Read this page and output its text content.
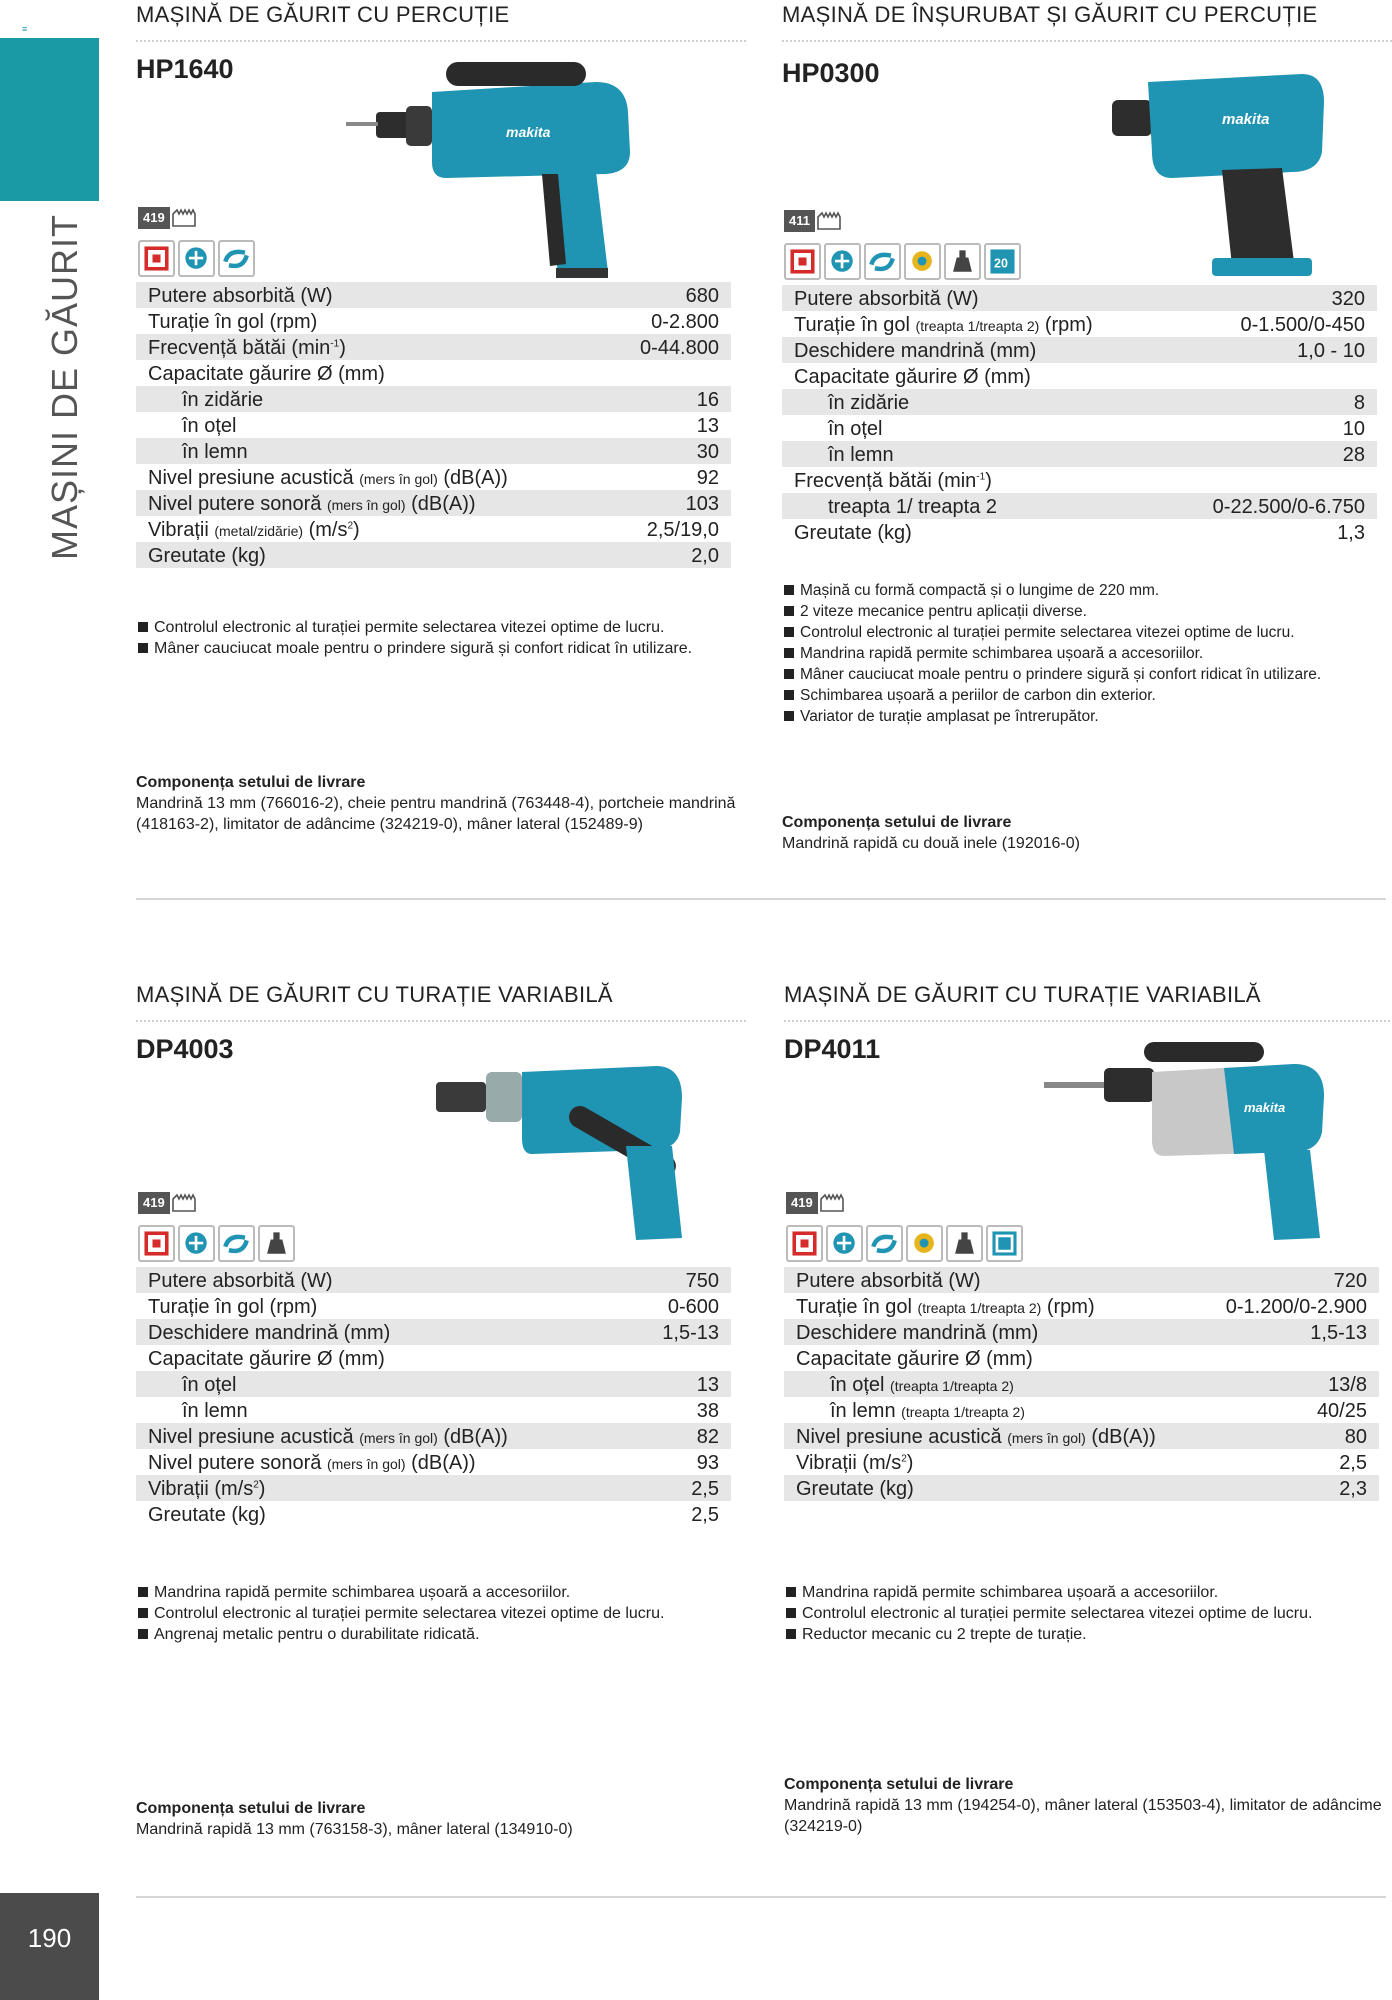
≡
MAȘINI DE GĂURIT
190
MAȘINĂ DE GĂURIT CU PERCUȚIE
HP1640
makita
419
Putere absorbită (W)	680
Turație în gol (rpm)	0-2.800
Frecvență bătăi $(\min^{-1})$	0-44.800
Capacitate găurire Ø (mm)
în zidărie	16
în oțel	13
în lemn	30
Nivel presiune acustică (mers în gol) (dB(A))	92
Nivel putere sonoră (mers în gol) (dB(A))	103
Vibrații (metal/zidărie) $(m/s^2)$	2,5/19,0
Greutate (kg)	2,0
Controlul electronic al turației permite selectarea vitezei optime de lucru.
Mâner cauciucat moale pentru o prindere sigură și confort ridicat în utilizare.
Componența setului de livrare
Mandrină 13 mm (766016-2), cheie pentru mandrină (763448-4), portcheie mandrină (418163-2), limitator de adâncime (324219-0), mâner lateral (152489-9)
MAȘINĂ DE ÎNȘURUBAT ȘI GĂURIT CU PERCUȚIE
HP0300
makita
411
20
Putere absorbită (W)	320
Turație în gol (treapta 1/treapta 2) (rpm)	0-1.500/0-450
Deschidere mandrină (mm)	1,0 - 10
Capacitate găurire Ø (mm)
în zidărie	8
în oțel	10
în lemn	28
Frecvență bătăi $(\min^{-1})$
treapta 1/ treapta 2	0-22.500/0-6.750
Greutate (kg)	1,3
Mașină cu formă compactă și o lungime de 220 mm.
2 viteze mecanice pentru aplicații diverse.
Controlul electronic al turației permite selectarea vitezei optime de lucru.
Mandrina rapidă permite schimbarea ușoară a accesoriilor.
Mâner cauciucat moale pentru o prindere sigură și confort ridicat în utilizare.
Schimbarea ușoară a periilor de carbon din exterior.
Variator de turație amplasat pe întrerupător.
Componența setului de livrare
Mandrină rapidă cu două inele (192016-0)
MAȘINĂ DE GĂURIT CU TURAȚIE VARIABILĂ
DP4003
419
Putere absorbită (W)	750
Turație în gol (rpm)	0-600
Deschidere mandrină (mm)	1,5-13
Capacitate găurire Ø (mm)
în oțel	13
în lemn	38
Nivel presiune acustică (mers în gol) (dB(A))	82
Nivel putere sonoră (mers în gol) (dB(A))	93
Vibrații $(m/s^2)$	2,5
Greutate (kg)	2,5
Mandrina rapidă permite schimbarea ușoară a accesoriilor.
Controlul electronic al turației permite selectarea vitezei optime de lucru.
Angrenaj metalic pentru o durabilitate ridicată.
Componența setului de livrare
Mandrină rapidă 13 mm (763158-3), mâner lateral (134910-0)
MAȘINĂ DE GĂURIT CU TURAȚIE VARIABILĂ
DP4011
makita
419
Putere absorbită (W)	720
Turație în gol (treapta 1/treapta 2) (rpm)	0-1.200/0-2.900
Deschidere mandrină (mm)	1,5-13
Capacitate găurire Ø (mm)
în oțel (treapta 1/treapta 2)	13/8
în lemn (treapta 1/treapta 2)	40/25
Nivel presiune acustică (mers în gol) (dB(A))	80
Vibrații $(m/s^2)$	2,5
Greutate (kg)	2,3
Mandrina rapidă permite schimbarea ușoară a accesoriilor.
Controlul electronic al turației permite selectarea vitezei optime de lucru.
Reductor mecanic cu 2 trepte de turație.
Componența setului de livrare
Mandrină rapidă 13 mm (194254-0), mâner lateral (153503-4), limitator de adâncime (324219-0)
